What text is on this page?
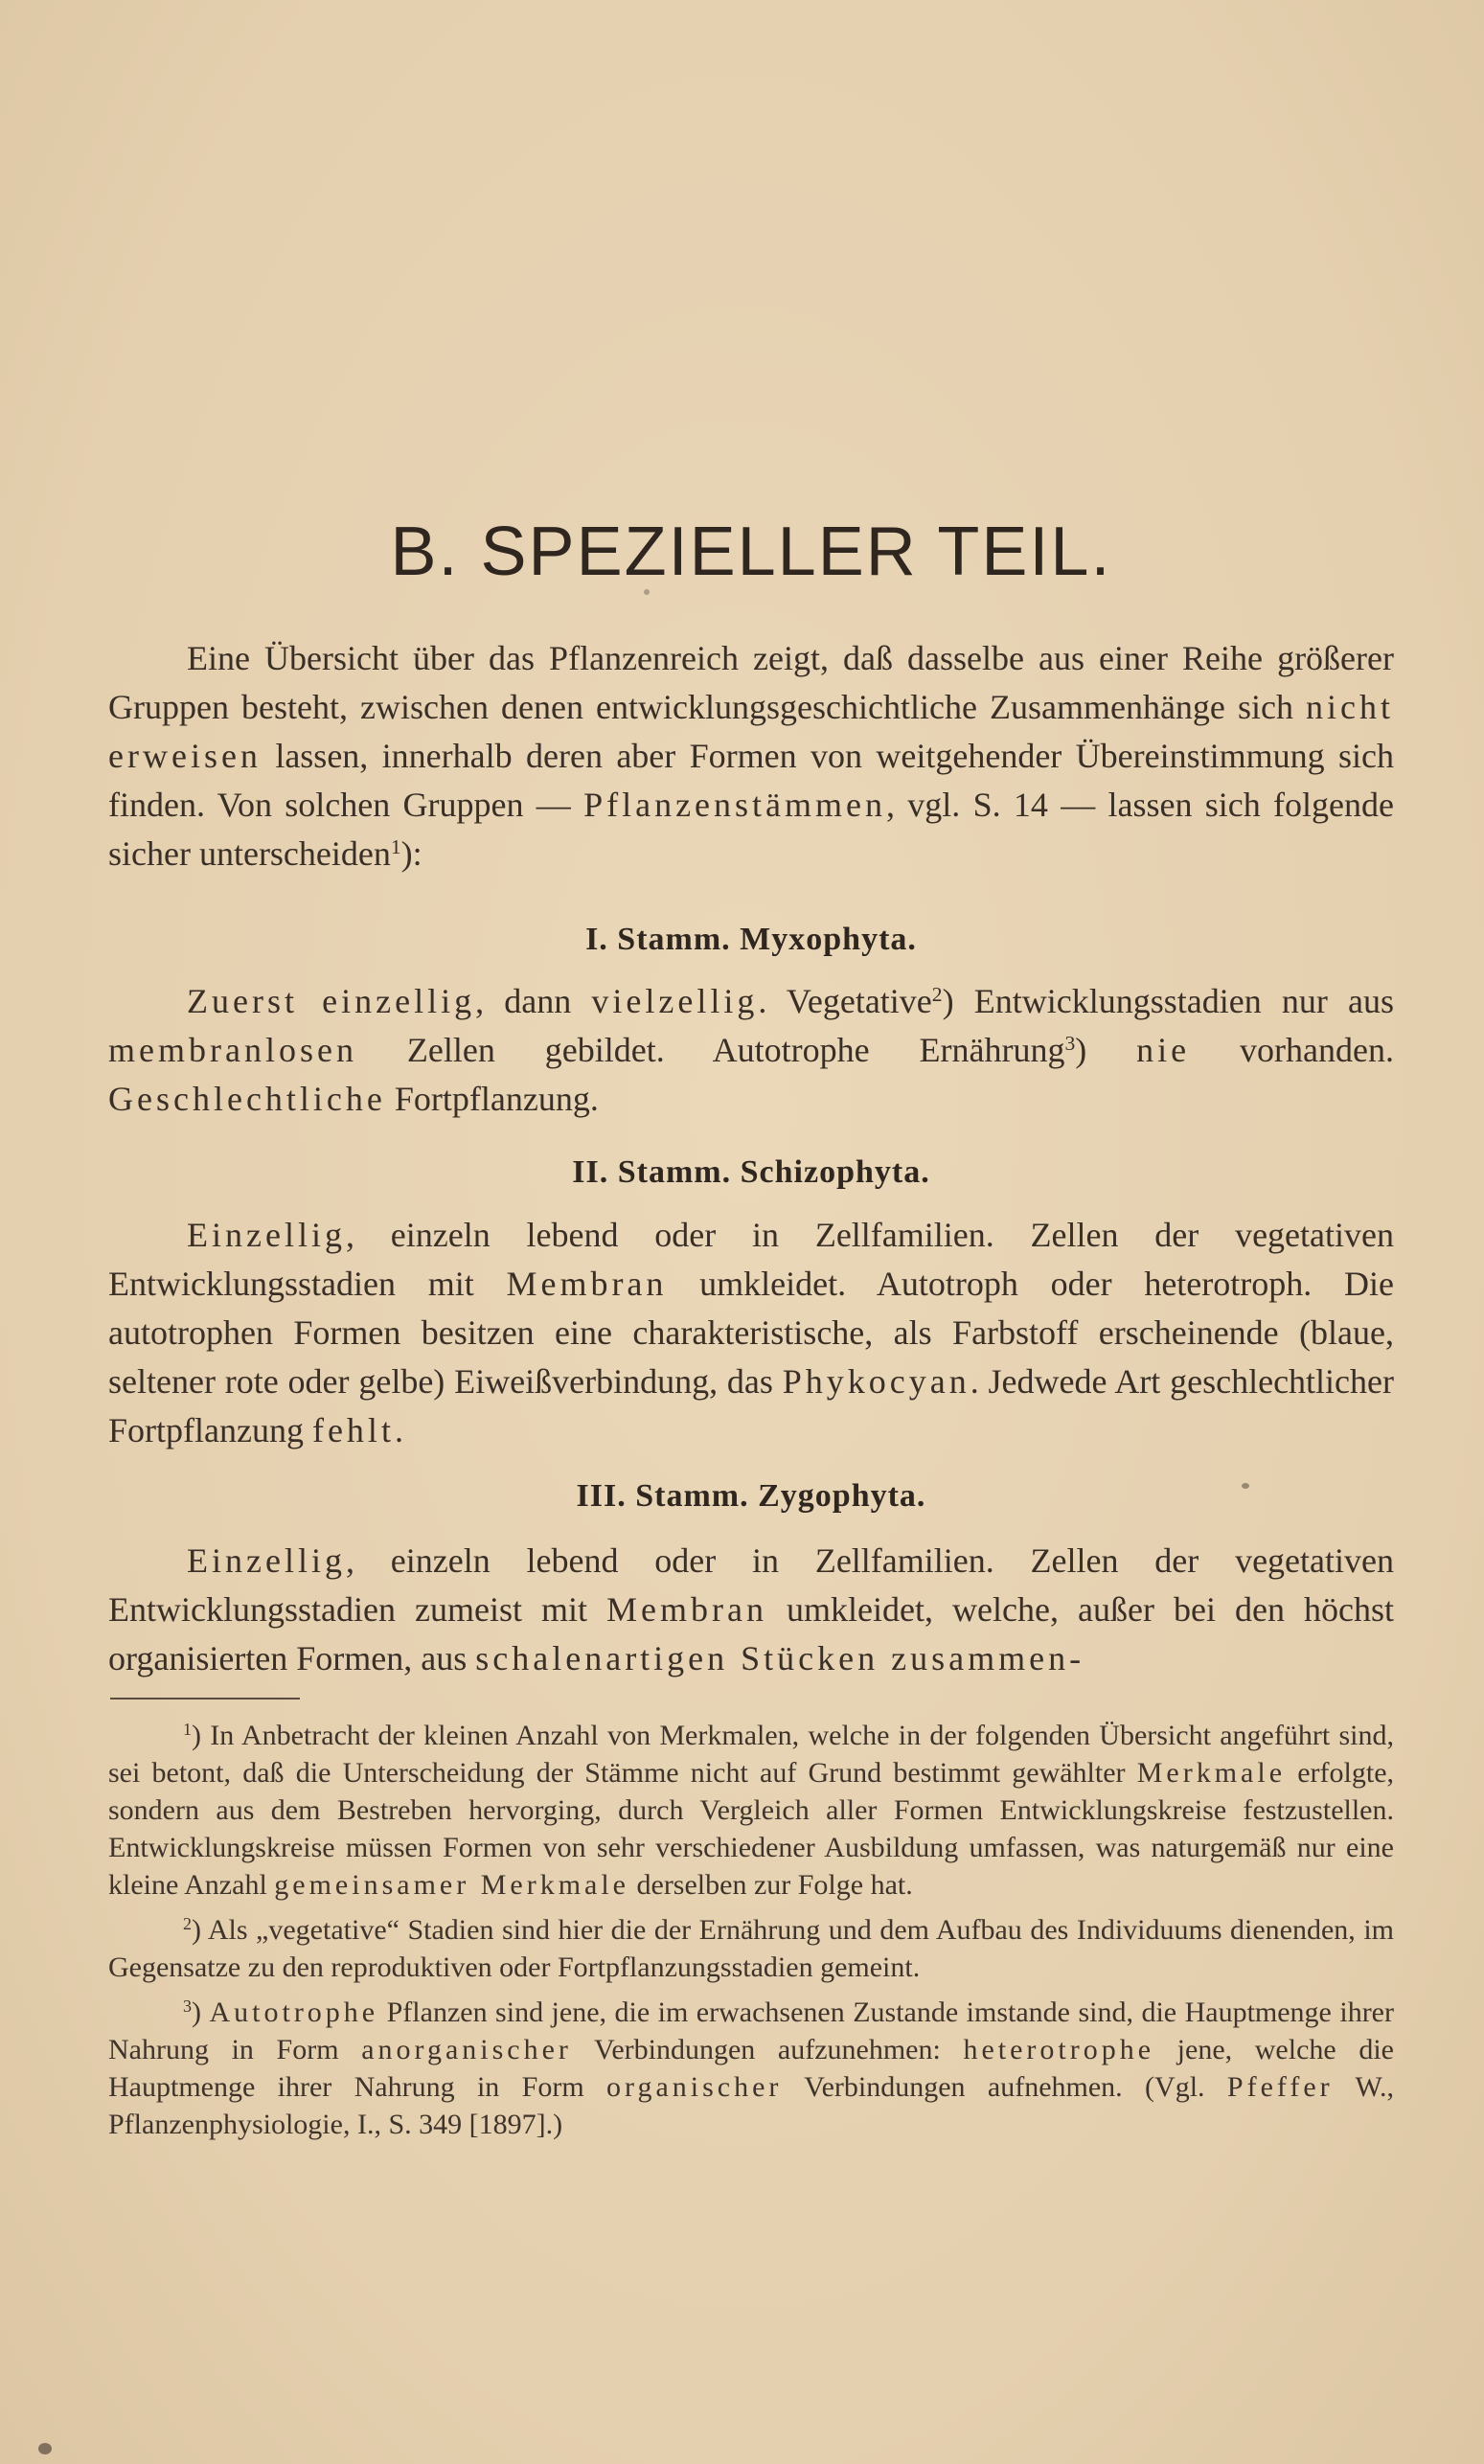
B. SPEZIELLER TEIL.

Eine Übersicht über das Pflanzenreich zeigt, daß dasselbe aus einer Reihe größerer Gruppen besteht, zwischen denen entwicklungsgeschichtliche Zusammenhänge sich nicht erweisen lassen, innerhalb deren aber Formen von weitgehender Übereinstimmung sich finden. Von solchen Gruppen — Pflanzenstämmen, vgl. S. 14 — lassen sich folgende sicher unterscheiden$^1$):

I. Stamm. Myxophyta.

Zuerst einzellig, dann vielzellig. Vegetative$^2$) Entwicklungsstadien nur aus membranlosen Zellen gebildet. Autotrophe Ernährung$^3$) nie vorhanden. Geschlechtliche Fortpflanzung.

II. Stamm. Schizophyta.

Einzellig, einzeln lebend oder in Zellfamilien. Zellen der vegetativen Entwicklungsstadien mit Membran umkleidet. Autotroph oder heterotroph. Die autotrophen Formen besitzen eine charakteristische, als Farbstoff erscheinende (blaue, seltener rote oder gelbe) Eiweißverbindung, das Phykocyan. Jedwede Art geschlechtlicher Fortpflanzung fehlt.

III. Stamm. Zygophyta.

Einzellig, einzeln lebend oder in Zellfamilien. Zellen der vegetativen Entwicklungsstadien zumeist mit Membran umkleidet, welche, außer bei den höchst organisierten Formen, aus schalenartigen Stücken zusammen-

$^1$) In Anbetracht der kleinen Anzahl von Merkmalen, welche in der folgenden Übersicht angeführt sind, sei betont, daß die Unterscheidung der Stämme nicht auf Grund bestimmt gewählter Merkmale erfolgte, sondern aus dem Bestreben hervorging, durch Vergleich aller Formen Entwicklungskreise festzustellen. Entwicklungskreise müssen Formen von sehr verschiedener Ausbildung umfassen, was naturgemäß nur eine kleine Anzahl gemeinsamer Merkmale derselben zur Folge hat.

$^2$) Als „vegetative“ Stadien sind hier die der Ernährung und dem Aufbau des Individuums dienenden, im Gegensatze zu den reproduktiven oder Fortpflanzungsstadien gemeint.

$^3$) Autotrophe Pflanzen sind jene, die im erwachsenen Zustande imstande sind, die Hauptmenge ihrer Nahrung in Form anorganischer Verbindungen aufzunehmen: heterotrophe jene, welche die Hauptmenge ihrer Nahrung in Form organischer Verbindungen aufnehmen. (Vgl. Pfeffer W., Pflanzenphysiologie, I., S. 349 [1897].)
